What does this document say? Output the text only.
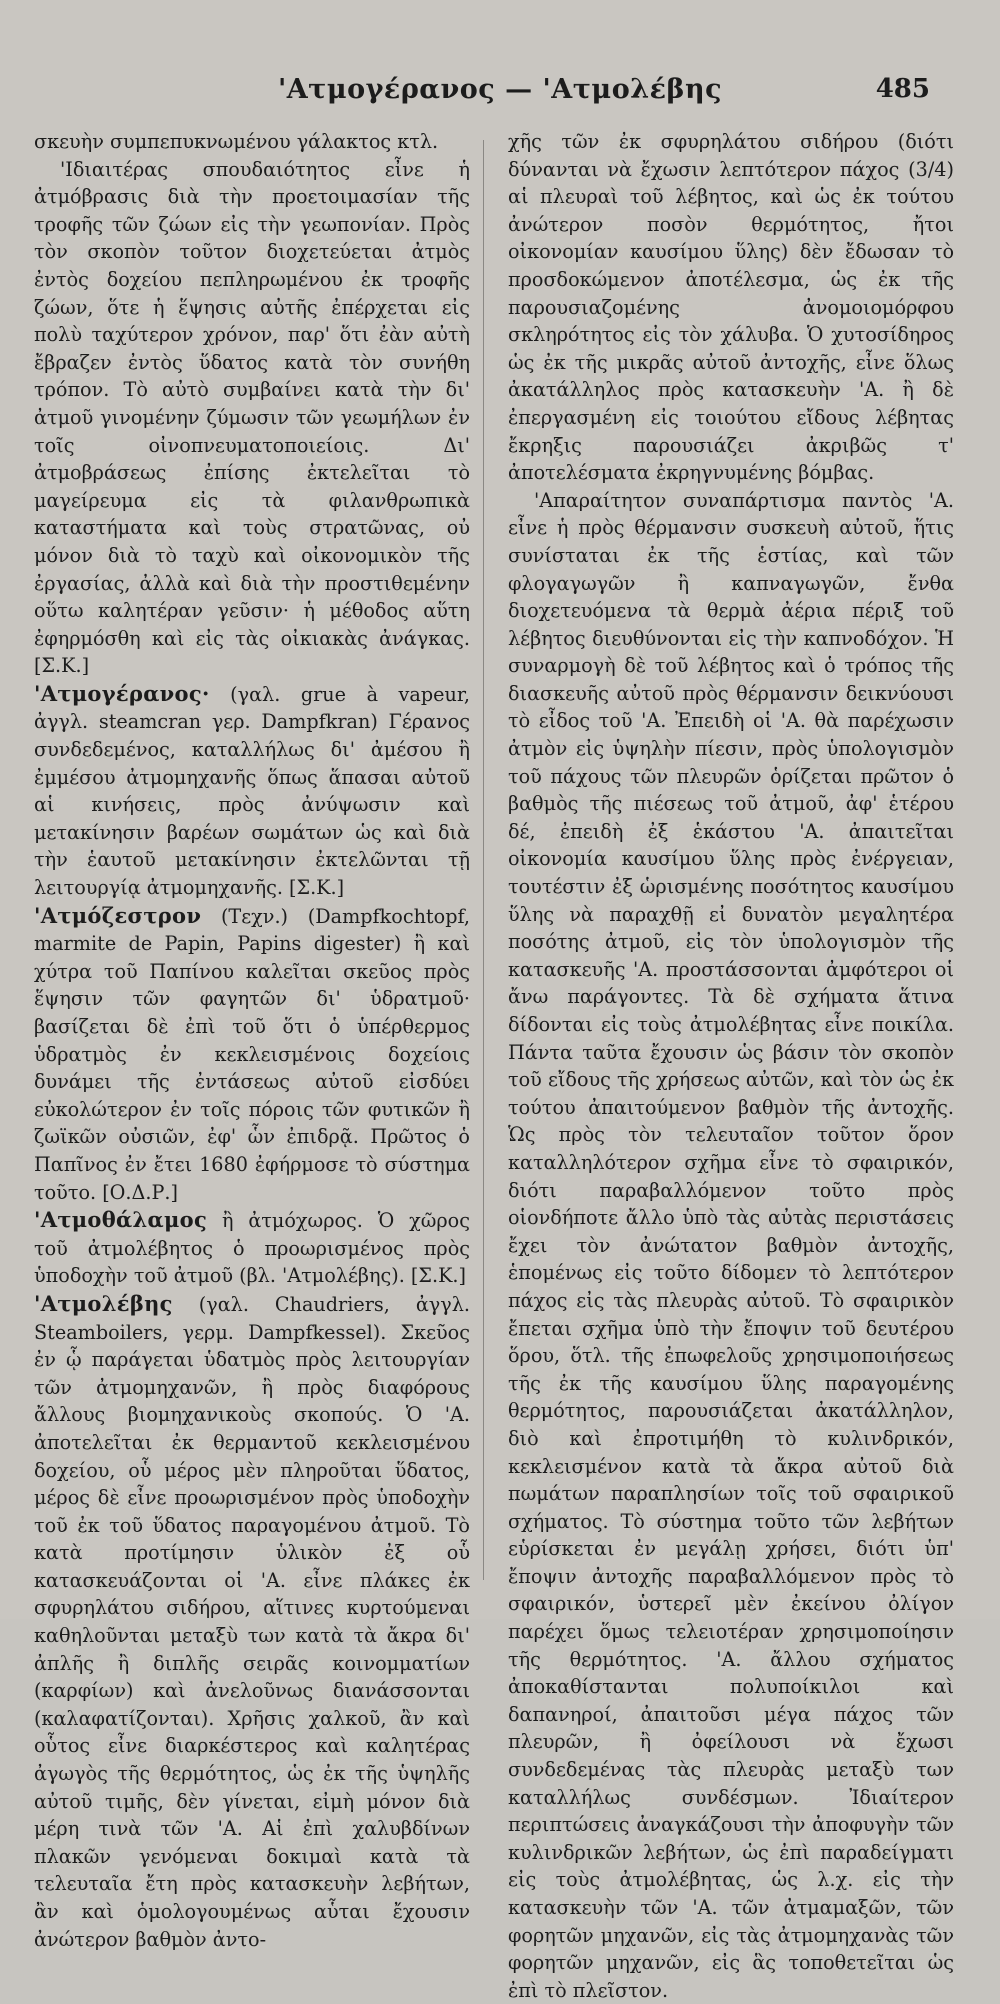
'Ατμογέρανος — 'Ατμολέβης	485

σκευὴν συμπεπυκνωμένου γάλακτος κτλ.

'Ιδιαιτέρας σπουδαιότητος εἶνε ἡ ἀτμόβρασις διὰ τὴν προετοιμασίαν τῆς τροφῆς τῶν ζώων εἰς τὴν γεωπονίαν. Πρὸς τὸν σκοπὸν τοῦτον διοχετεύεται ἀτμὸς ἐντὸς δοχείου πεπληρωμένου ἐκ τροφῆς ζώων, ὅτε ἡ ἕψησις αὐτῆς ἐπέρχεται εἰς πολὺ ταχύτερον χρόνον, παρ' ὅτι ἐὰν αὐτὴ ἔβραζεν ἐντὸς ὕδατος κατὰ τὸν συνήθη τρόπον. Τὸ αὐτὸ συμβαίνει κατὰ τὴν δι' ἀτμοῦ γινομένην ζύμωσιν τῶν γεωμήλων ἐν τοῖς οἰνοπνευματοποιείοις. Δι' ἀτμοβράσεως ἐπίσης ἐκτελεῖται τὸ μαγείρευμα εἰς τὰ φιλανθρωπικὰ καταστήματα καὶ τοὺς στρατῶνας, οὐ μόνον διὰ τὸ ταχὺ καὶ οἰκονομικὸν τῆς ἐργασίας, ἀλλὰ καὶ διὰ τὴν προστιθεμένην οὕτω καλητέραν γεῦσιν· ἡ μέθοδος αὕτη ἐφηρμόσθη καὶ εἰς τὰς οἰκιακὰς ἀνάγκας. [Σ.Κ.]

'Ατμογέρανος· (γαλ. grue à vapeur, ἀγγλ. steamcran γερ. Dampfkran) Γέρανος συνδεδεμένος, καταλλήλως δι' ἀμέσου ἢ ἐμμέσου ἀτμομηχανῆς ὅπως ἅπασαι αὐτοῦ αἱ κινήσεις, πρὸς ἀνύψωσιν καὶ μετακίνησιν βαρέων σωμάτων ὡς καὶ διὰ τὴν ἑαυτοῦ μετακίνησιν ἐκτελῶνται τῇ λειτουργίᾳ ἀτμομηχανῆς. [Σ.Κ.]

'Ατμόζεστρον (Τεχν.) (Dampfkochtopf, marmite de Papin, Papins digester) ἢ καὶ χύτρα τοῦ Παπίνου καλεῖται σκεῦος πρὸς ἕψησιν τῶν φαγητῶν δι' ὑδρατμοῦ· βασίζεται δὲ ἐπὶ τοῦ ὅτι ὁ ὑπέρθερμος ὑδρατμὸς ἐν κεκλεισμένοις δοχείοις δυνάμει τῆς ἐντάσεως αὐτοῦ εἰσδύει εὐκολώτερον ἐν τοῖς πόροις τῶν φυτικῶν ἢ ζωϊκῶν οὐσιῶν, ἐφ' ὧν ἐπιδρᾷ. Πρῶτος ὁ Παπῖνος ἐν ἔτει 1680 ἐφήρμοσε τὸ σύστημα τοῦτο. [Ο.Δ.Ρ.]

'Ατμοθάλαμος ἢ ἀτμόχωρος. Ὁ χῶρος τοῦ ἀτμολέβητος ὁ προωρισμένος πρὸς ὑποδοχὴν τοῦ ἀτμοῦ (βλ. 'Ατμολέβης). [Σ.Κ.]

'Ατμολέβης (γαλ. Chaudriers, ἀγγλ. Steamboilers, γερμ. Dampfkessel). Σκεῦος ἐν ᾧ παράγεται ὑδατμὸς πρὸς λειτουργίαν τῶν ἀτμομηχανῶν, ἢ πρὸς διαφόρους ἄλλους βιομηχανικοὺς σκοπούς. Ὁ 'Α. ἀποτελεῖται ἐκ θερμαντοῦ κεκλεισμένου δοχείου, οὗ μέρος μὲν πληροῦται ὕδατος, μέρος δὲ εἶνε προωρισμένον πρὸς ὑποδοχὴν τοῦ ἐκ τοῦ ὕδατος παραγομένου ἀτμοῦ. Τὸ κατὰ προτίμησιν ὑλικὸν ἐξ οὗ κατασκευάζονται οἱ 'Α. εἶνε πλάκες ἐκ σφυρηλάτου σιδήρου, αἵτινες κυρτούμεναι καθηλοῦνται μεταξὺ των κατὰ τὰ ἄκρα δι' ἀπλῆς ἢ διπλῆς σειρᾶς κοινομματίων (καρφίων) καὶ ἀνελοῦνως διανάσσονται (καλαφατίζονται). Χρῆσις χαλκοῦ, ἂν καὶ οὗτος εἶνε διαρκέστερος καὶ καλητέρας ἀγωγὸς τῆς θερμότητος, ὡς ἐκ τῆς ὑψηλῆς αὐτοῦ τιμῆς, δὲν γίνεται, εἰμὴ μόνον διὰ μέρη τινὰ τῶν 'Α. Αἱ ἐπὶ χαλυβδίνων πλακῶν γενόμεναι δοκιμαὶ κατὰ τὰ τελευταῖα ἔτη πρὸς κατασκευὴν λεβήτων, ἂν καὶ ὁμολογουμένως αὗται ἔχουσιν ἀνώτερον βαθμὸν ἀντο-

χῆς τῶν ἐκ σφυρηλάτου σιδήρου (διότι δύνανται νὰ ἔχωσιν λεπτότερον πάχος (3/4) αἱ πλευραὶ τοῦ λέβητος, καὶ ὡς ἐκ τούτου ἀνώτερον ποσὸν θερμότητος, ἤτοι οἰκονομίαν καυσίμου ὕλης) δὲν ἔδωσαν τὸ προσδοκώμενον ἀποτέλεσμα, ὡς ἐκ τῆς παρουσιαζομένης ἀνομοιομόρφου σκληρότητος εἰς τὸν χάλυβα. Ὁ χυτοσίδηρος ὡς ἐκ τῆς μικρᾶς αὐτοῦ ἀντοχῆς, εἶνε ὅλως ἀκατάλληλος πρὸς κατασκευὴν 'Α. ἢ δὲ ἐπεργασμένη εἰς τοιούτου εἴδους λέβητας ἔκρηξις παρουσιάζει ἀκριβῶς τ' ἀποτελέσματα ἐκρηγνυμένης βόμβας.

'Απαραίτητον συναπάρτισμα παντὸς 'Α. εἶνε ἡ πρὸς θέρμανσιν συσκευὴ αὐτοῦ, ἥτις συνίσταται ἐκ τῆς ἑστίας, καὶ τῶν φλογαγωγῶν ἢ καπναγωγῶν, ἔνθα διοχετευόμενα τὰ θερμὰ ἀέρια πέριξ τοῦ λέβητος διευθύνονται εἰς τὴν καπνοδόχον. Ἡ συναρμογὴ δὲ τοῦ λέβητος καὶ ὁ τρόπος τῆς διασκευῆς αὐτοῦ πρὸς θέρμανσιν δεικνύουσι τὸ εἶδος τοῦ 'Α. Ἐπειδὴ οἱ 'Α. θὰ παρέχωσιν ἀτμὸν εἰς ὑψηλὴν πίεσιν, πρὸς ὑπολογισμὸν τοῦ πάχους τῶν πλευρῶν ὁρίζεται πρῶτον ὁ βαθμὸς τῆς πιέσεως τοῦ ἀτμοῦ, ἀφ' ἑτέρου δέ, ἐπειδὴ ἐξ ἑκάστου 'Α. ἀπαιτεῖται οἰκονομία καυσίμου ὕλης πρὸς ἐνέργειαν, τουτέστιν ἐξ ὡρισμένης ποσότητος καυσίμου ὕλης νὰ παραχθῇ εἰ δυνατὸν μεγαλητέρα ποσότης ἀτμοῦ, εἰς τὸν ὑπολογισμὸν τῆς κατασκευῆς 'Α. προστάσσονται ἀμφότεροι οἱ ἄνω παράγοντες. Τὰ δὲ σχήματα ἅτινα δίδονται εἰς τοὺς ἀτμολέβητας εἶνε ποικίλα. Πάντα ταῦτα ἔχουσιν ὡς βάσιν τὸν σκοπὸν τοῦ εἴδους τῆς χρήσεως αὐτῶν, καὶ τὸν ὡς ἐκ τούτου ἀπαιτούμενον βαθμὸν τῆς ἀντοχῆς. Ὡς πρὸς τὸν τελευταῖον τοῦτον ὅρον καταλληλότερον σχῆμα εἶνε τὸ σφαιρικόν, διότι παραβαλλόμενον τοῦτο πρὸς οἱονδήποτε ἄλλο ὑπὸ τὰς αὐτὰς περιστάσεις ἔχει τὸν ἀνώτατον βαθμὸν ἀντοχῆς, ἑπομένως εἰς τοῦτο δίδομεν τὸ λεπτότερον πάχος εἰς τὰς πλευρὰς αὐτοῦ. Τὸ σφαιρικὸν ἔπεται σχῆμα ὑπὸ τὴν ἔποψιν τοῦ δευτέρου ὅρου, ὅτλ. τῆς ἐπωφελοῦς χρησιμοποιήσεως τῆς ἐκ τῆς καυσίμου ὕλης παραγομένης θερμότητος, παρουσιάζεται ἀκατάλληλον, διὸ καὶ ἐπροτιμήθη τὸ κυλινδρικόν, κεκλεισμένον κατὰ τὰ ἄκρα αὐτοῦ διὰ πωμάτων παραπλησίων τοῖς τοῦ σφαιρικοῦ σχήματος. Τὸ σύστημα τοῦτο τῶν λεβήτων εὑρίσκεται ἐν μεγάλῃ χρήσει, διότι ὑπ' ἔποψιν ἀντοχῆς παραβαλλόμενον πρὸς τὸ σφαιρικόν, ὑστερεῖ μὲν ἐκείνου ὀλίγον παρέχει ὅμως τελειοτέραν χρησιμοποίησιν τῆς θερμότητος. 'Α. ἄλλου σχήματος ἀποκαθίστανται πολυποίκιλοι καὶ δαπανηροί, ἀπαιτοῦσι μέγα πάχος τῶν πλευρῶν, ἢ ὀφείλουσι νὰ ἔχωσι συνδεδεμένας τὰς πλευρὰς μεταξὺ των καταλλήλως συνδέσμων. Ἰδιαίτερον περιπτώσεις ἀναγκάζουσι τὴν ἀποφυγὴν τῶν κυλινδρικῶν λεβήτων, ὡς ἐπὶ παραδείγματι εἰς τοὺς ἀτμολέβητας, ὡς λ.χ. εἰς τὴν κατασκευὴν τῶν 'Α. τῶν ἀτμαμαξῶν, τῶν φορητῶν μηχανῶν, εἰς τὰς ἀτμομηχανὰς τῶν φορητῶν μηχανῶν, εἰς ἃς τοποθετεῖται ὡς ἐπὶ τὸ πλεῖστον.
